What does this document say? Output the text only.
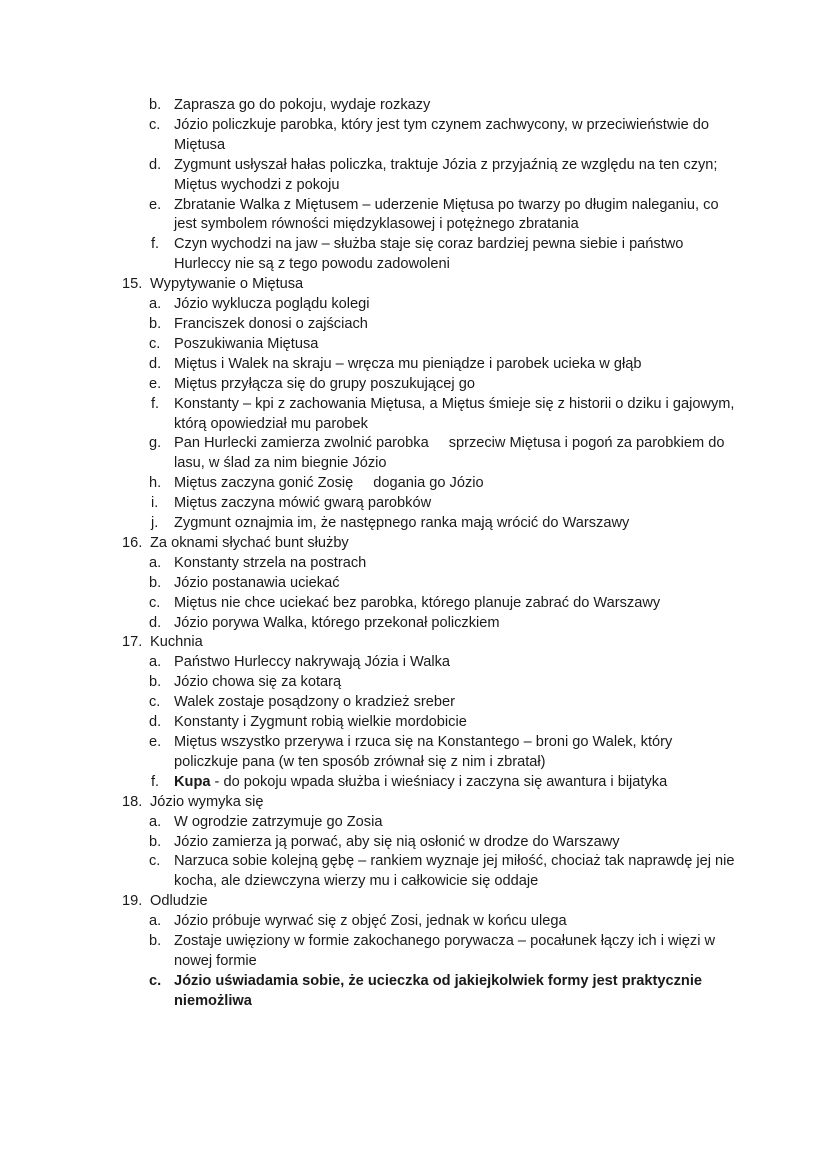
b. Zaprasza go do pokoju, wydaje rozkazy
c. Józio policzkuje parobka, który jest tym czynem zachwycony, w przeciwieństwie do Miętusa
d. Zygmunt usłyszał hałas policzka, traktuje Józia z przyjaźnią ze względu na ten czyn; Miętus wychodzi z pokoju
e. Zbratanie Walka z Miętusem – uderzenie Miętusa po twarzy po długim naleganiu, co jest symbolem równości międzyklasowej i potężnego zbratania
f. Czyn wychodzi na jaw – służba staje się coraz bardziej pewna siebie i państwo Hurleccy nie są z tego powodu zadowoleni
15. Wypytywanie o Miętusa
a. Józio wyklucza poglądu kolegi
b. Franciszek donosi o zajściach
c. Poszukiwania Miętusa
d. Miętus i Walek na skraju – wręcza mu pieniądze i parobek ucieka w głąb
e. Miętus przyłącza się do grupy poszukującej go
f. Konstanty – kpi z zachowania Miętusa, a Miętus śmieje się z historii o dziku i gajowym, którą opowiedział mu parobek
g. Pan Hurlecki zamierza zwolnić parobka sprzeciw Miętusa i pogoń za parobkiem do lasu, w ślad za nim biegnie Józio
h. Miętus zaczyna gonić Zosię dogania go Józio
i. Miętus zaczyna mówić gwarą parobków
j. Zygmunt oznajmia im, że następnego ranka mają wrócić do Warszawy
16. Za oknami słychać bunt służby
a. Konstanty strzela na postrach
b. Józio postanawia uciekać
c. Miętus nie chce uciekać bez parobka, którego planuje zabrać do Warszawy
d. Józio porywa Walka, którego przekonał policzkiem
17. Kuchnia
a. Państwo Hurleccy nakrywają Józia i Walka
b. Józio chowa się za kotarą
c. Walek zostaje posądzony o kradzież sreber
d. Konstanty i Zygmunt robią wielkie mordobicie
e. Miętus wszystko przerywa i rzuca się na Konstantego – broni go Walek, który policzkuje pana (w ten sposób zrównał się z nim i zbratał)
f. Kupa - do pokoju wpada służba i wieśniacy i zaczyna się awantura i bijatyka
18. Józio wymyka się
a. W ogrodzie zatrzymuje go Zosia
b. Józio zamierza ją porwać, aby się nią osłonić w drodze do Warszawy
c. Narzuca sobie kolejną gębę – rankiem wyznaje jej miłość, chociaż tak naprawdę jej nie kocha, ale dziewczyna wierzy mu i całkowicie się oddaje
19. Odludzie
a. Józio próbuje wyrwać się z objęć Zosi, jednak w końcu ulega
b. Zostaje uwięziony w formie zakochanego porywacza – pocałunek łączy ich i więzi w nowej formie
c. Józio uświadamia sobie, że ucieczka od jakiejkolwiek formy jest praktycznie niemożliwa
